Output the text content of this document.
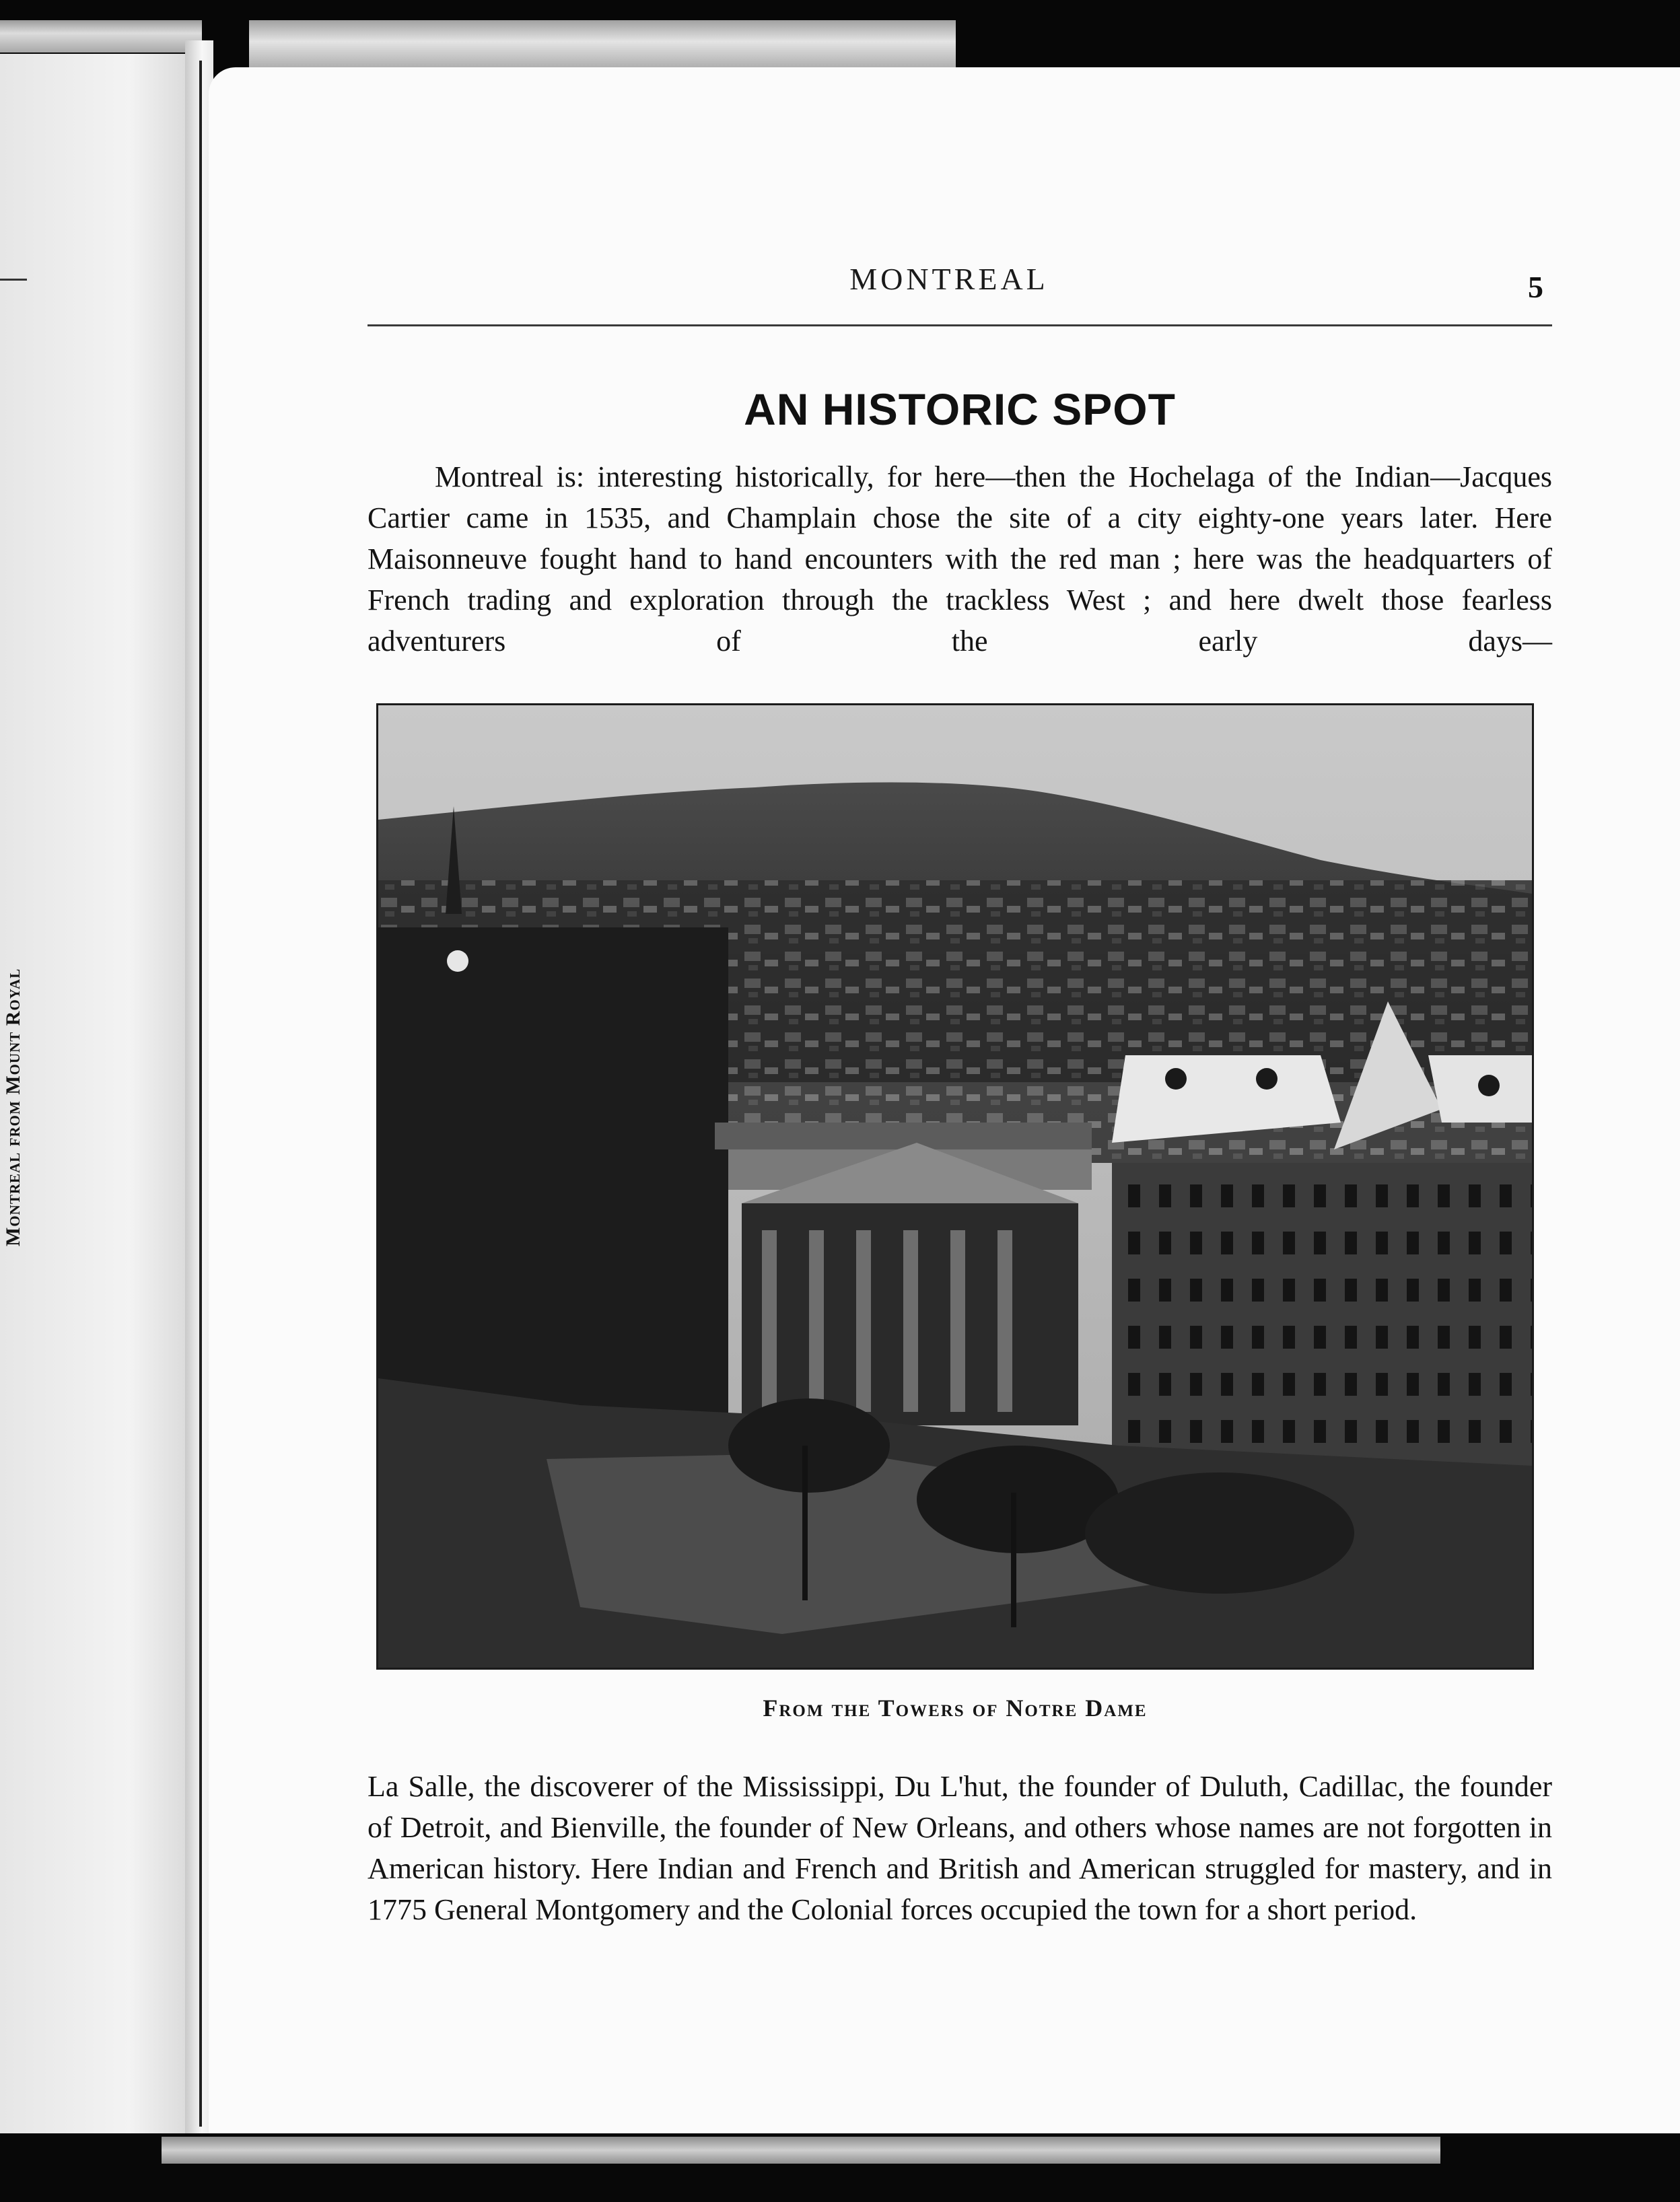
Montreal from Mount Royal
MONTREAL	5
AN HISTORIC SPOT

Montreal is: interesting historically, for here—then the Hochelaga of the Indian—Jacques Cartier came in 1535, and Champlain chose the site of a city eighty-one years later. Here Maisonneuve fought hand to hand encounters with the red man ; here was the headquarters of French trading and exploration through the trackless West ; and here dwelt those fearless adventurers of the early days—

From the Towers of Notre Dame

La Salle, the discoverer of the Mississippi, Du L'hut, the founder of Duluth, Cadillac, the founder of Detroit, and Bienville, the founder of New Orleans, and others whose names are not forgotten in American history. Here Indian and French and British and American struggled for mastery, and in 1775 General Montgomery and the Colonial forces occupied the town for a short period.
